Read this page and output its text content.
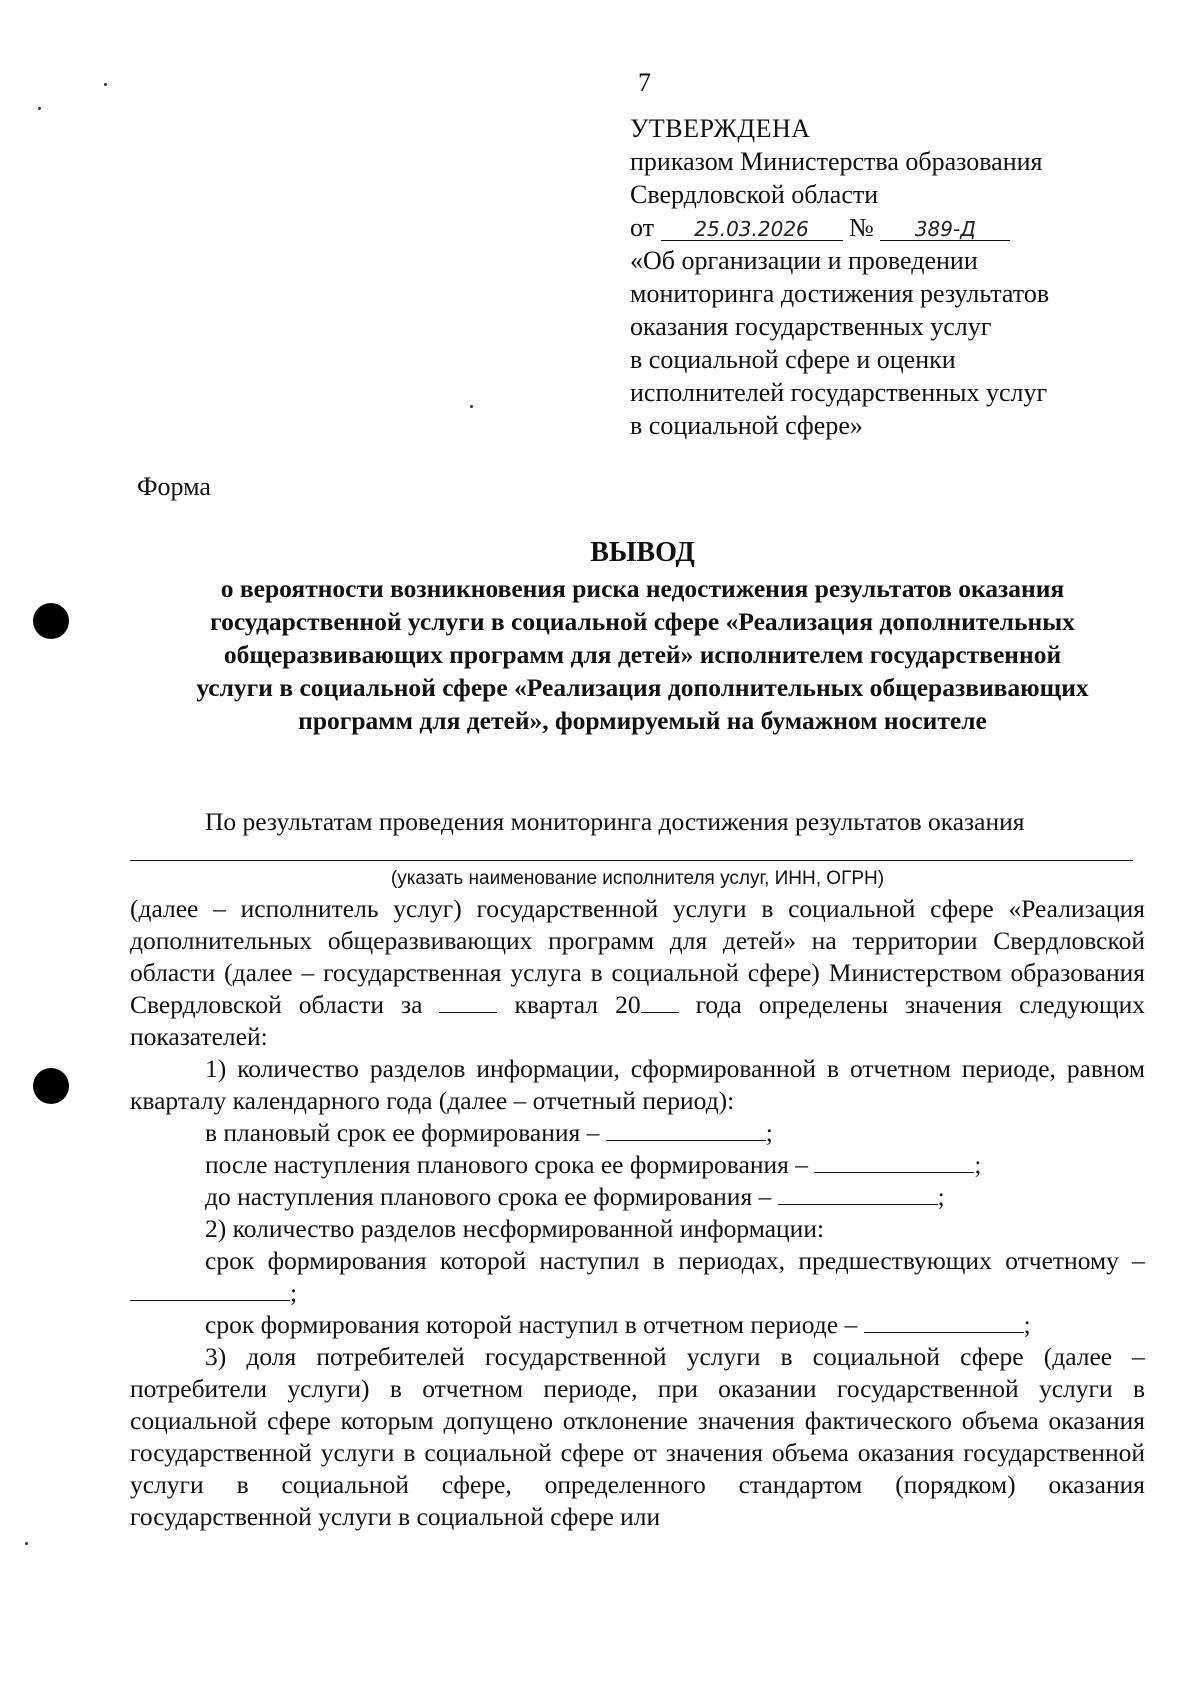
7
УТВЕРЖДЕНА
приказом Министерства образования
Свердловской области
от 25.03.2026 № 389-Д
«Об организации и проведении
мониторинга достижения результатов
оказания государственных услуг
в социальной сфере и оценки
исполнителей государственных услуг
в социальной сфере»
Форма
ВЫВОД
о вероятности возникновения риска недостижения результатов оказания
государственной услуги в социальной сфере «Реализация дополнительных
общеразвивающих программ для детей» исполнителем государственной
услуги в социальной сфере «Реализация дополнительных общеразвивающих
программ для детей», формируемый на бумажном носителе

По результатам проведения мониторинга достижения результатов оказания

(указать наименование исполнителя услуг, ИНН, ОГРН)

(далее – исполнитель услуг) государственной услуги в социальной сфере «Реализация дополнительных общеразвивающих программ для детей» на территории Свердловской области (далее – государственная услуга в социальной сфере) Министерством образования Свердловской области за	квартал 20 года определены значения следующих показателей:

1) количество разделов информации, сформированной в отчетном периоде, равном кварталу календарного года (далее – отчетный период):

в плановый срок ее формирования –	;

после наступления планового срока ее формирования –	;

до наступления планового срока ее формирования –	;

2) количество разделов несформированной информации:

срок формирования которой наступил в периодах, предшествующих отчетному – ;

срок формирования которой наступил в отчетном периоде –	;

3) доля потребителей государственной услуги в социальной сфере (далее – потребители услуги) в отчетном периоде, при оказании государственной услуги в социальной сфере которым допущено отклонение значения фактического объема оказания государственной услуги в социальной сфере от значения объема оказания государственной услуги в социальной сфере, определенного стандартом (порядком) оказания государственной услуги в социальной сфере или
